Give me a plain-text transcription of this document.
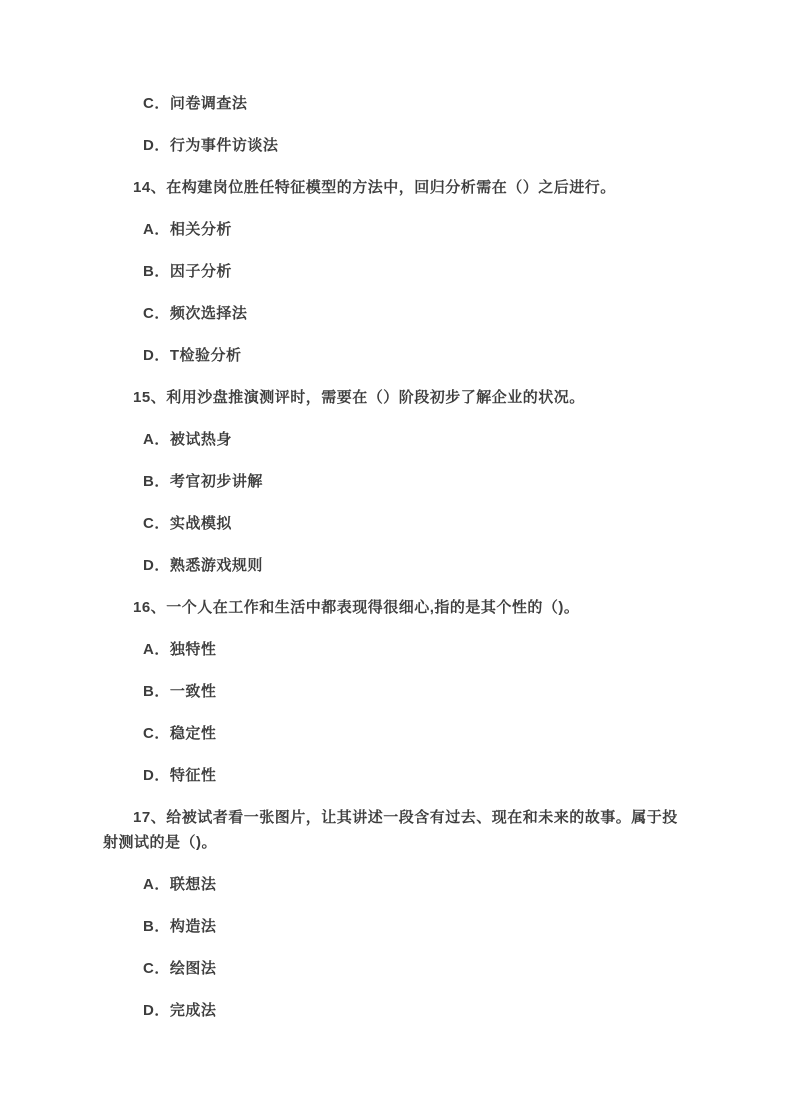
C．问卷调查法

D．行为事件访谈法

14、在构建岗位胜任特征模型的方法中，回归分析需在（）之后进行。

A．相关分析

B．因子分析

C．频次选择法

D．T检验分析

15、利用沙盘推演测评时，需要在（）阶段初步了解企业的状况。

A．被试热身

B．考官初步讲解

C．实战模拟

D．熟悉游戏规则

16、一个人在工作和生活中都表现得很细心,指的是其个性的（)。

A．独特性

B．一致性

C．稳定性

D．特征性

17、给被试者看一张图片，让其讲述一段含有过去、现在和未来的故事。属于投射测试的是（)。

A．联想法

B．构造法

C．绘图法

D．完成法
